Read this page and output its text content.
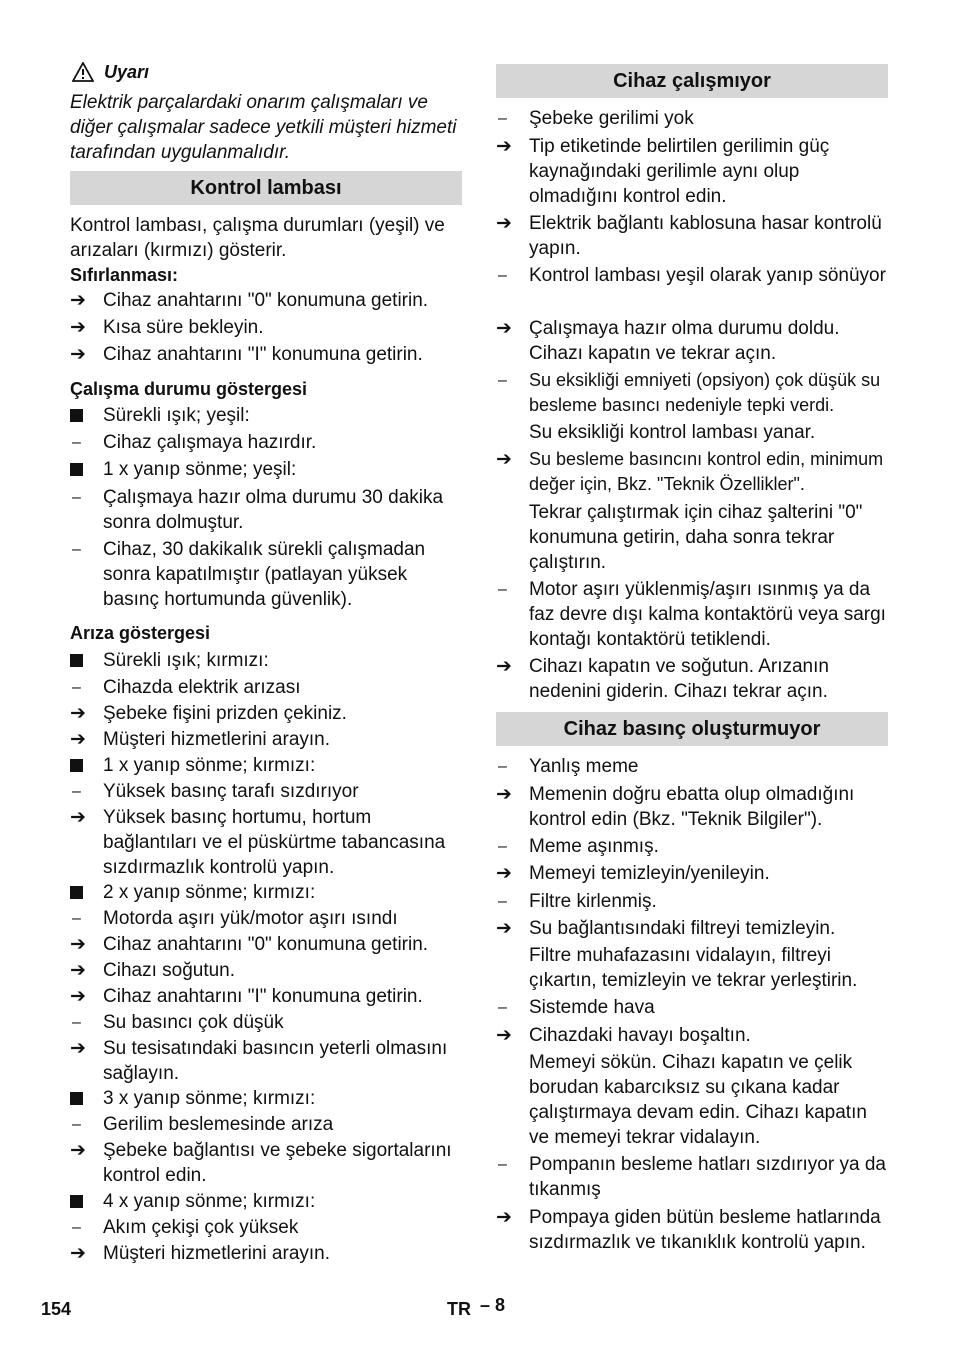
Uyarı
Elektrik parçalardaki onarım çalışmaları ve diğer çalışmalar sadece yetkili müşteri hizmeti tarafından uygulanmalıdır.
Kontrol lambası
Kontrol lambası, çalışma durumları (yeşil) ve arızaları (kırmızı) gösterir.
Sıfırlanması:
➔ Cihaz anahtarını "0" konumuna getirin.
➔ Kısa süre bekleyin.
➔ Cihaz anahtarını "I" konumuna getirin.
Çalışma durumu göstergesi
Sürekli ışık; yeşil:
–	Cihaz çalışmaya hazırdır.
1 x yanıp sönme; yeşil:
–	Çalışmaya hazır olma durumu 30 dakika sonra dolmuştur.
–	Cihaz, 30 dakikalık sürekli çalışmadan sonra kapatılmıştır (patlayan yüksek basınç hortumunda güvenlik).
Arıza göstergesi
Sürekli ışık; kırmızı:
–	Cihazda elektrik arızası
➔ Şebeke fişini prizden çekiniz.
➔ Müşteri hizmetlerini arayın.
1 x yanıp sönme; kırmızı:
–	Yüksek basınç tarafı sızdırıyor
➔ Yüksek basınç hortumu, hortum bağlantıları ve el püskürtme tabancasına sızdırmazlık kontrolü yapın.
2 x yanıp sönme; kırmızı:
–	Motorda aşırı yük/motor aşırı ısındı
➔ Cihaz anahtarını "0" konumuna getirin.
➔ Cihazı soğutun.
➔ Cihaz anahtarını "I" konumuna getirin.
–	Su basıncı çok düşük
➔ Su tesisatındaki basıncın yeterli olmasını sağlayın.
3 x yanıp sönme; kırmızı:
–	Gerilim beslemesinde arıza
➔ Şebeke bağlantısı ve şebeke sigortalarını kontrol edin.
4 x yanıp sönme; kırmızı:
–	Akım çekişi çok yüksek
➔ Müşteri hizmetlerini arayın.
Cihaz çalışmıyor
–	Şebeke gerilimi yok
➔ Tip etiketinde belirtilen gerilimin güç kaynağındaki gerilimle aynı olup olmadığını kontrol edin.
➔ Elektrik bağlantı kablosuna hasar kontrolü yapın.
–	Kontrol lambası yeşil olarak yanıp sönüyor
➔ Çalışmaya hazır olma durumu doldu. Cihazı kapatın ve tekrar açın.
–	Su eksikliği emniyeti (opsiyon) çok düşük su besleme basıncı nedeniyle tepki verdi.
Su eksikliği kontrol lambası yanar.
➔ Su besleme basıncını kontrol edin, minimum değer için, Bkz. "Teknik Özellikler".
Tekrar çalıştırmak için cihaz şalterini "0" konumuna getirin, daha sonra tekrar çalıştırın.
–	Motor aşırı yüklenmiş/aşırı ısınmış ya da faz devre dışı kalma kontaktörü veya sargı kontağı kontaktörü tetiklendi.
➔ Cihazı kapatın ve soğutun. Arızanın nedenini giderin. Cihazı tekrar açın.
Cihaz basınç oluşturmuyor
–	Yanlış meme
➔ Memenin doğru ebatta olup olmadığını kontrol edin (Bkz. "Teknik Bilgiler").
–	Meme aşınmış.
➔ Memeyi temizleyin/yenileyin.
–	Filtre kirlenmiş.
➔ Su bağlantısındaki filtreyi temizleyin.
Filtre muhafazasını vidalayın, filtreyi çıkartın, temizleyin ve tekrar yerleştirin.
–	Sistemde hava
➔ Cihazdaki havayı boşaltın.
Memeyi sökün. Cihazı kapatın ve çelik borudan kabarcıksız su çıkana kadar çalıştırmaya devam edin. Cihazı kapatın ve memeyi tekrar vidalayın.
–	Pompanın besleme hatları sızdırıyor ya da tıkanmış
➔ Pompaya giden bütün besleme hatlarında sızdırmazlık ve tıkanıklık kontrolü yapın.
154	TR – 8
